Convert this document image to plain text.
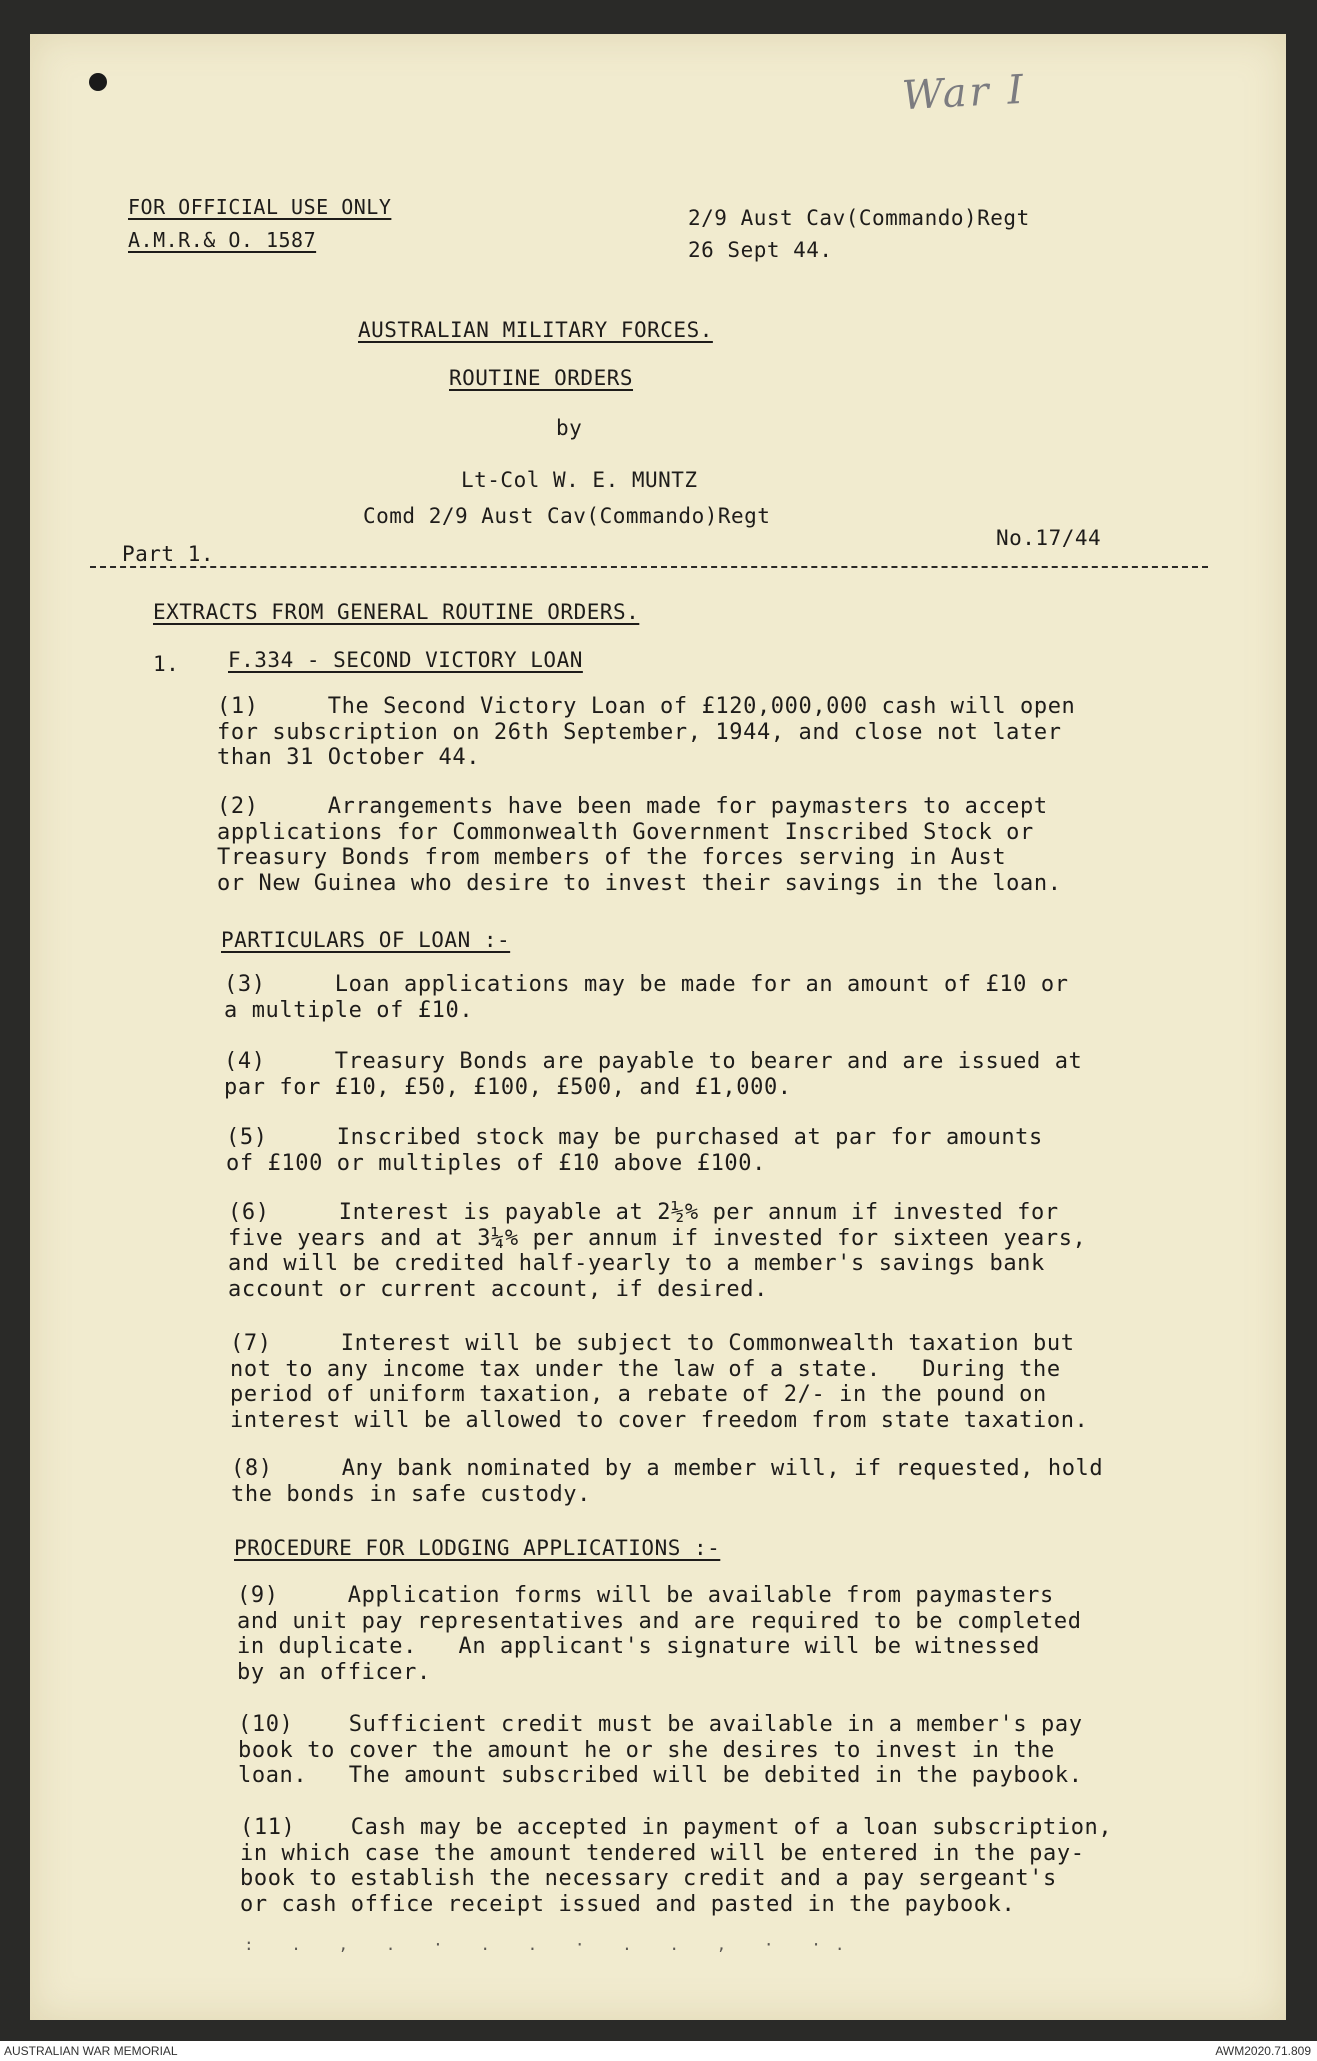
War I
FOR OFFICIAL USE ONLY
A.M.R.& O. 1587
2/9 Aust Cav(Commando)Regt
26 Sept 44.
AUSTRALIAN MILITARY FORCES.
ROUTINE ORDERS
by
Lt-Col W. E. MUNTZ
Comd 2/9 Aust Cav(Commando)Regt
Part 1.
No.17/44
EXTRACTS FROM GENERAL ROUTINE ORDERS.
1. F.334 - SECOND VICTORY LOAN
(1)     The Second Victory Loan of £120,000,000 cash will open
for subscription on 26th September, 1944, and close not later
than 31 October 44.
(2)     Arrangements have been made for paymasters to accept
applications for Commonwealth Government Inscribed Stock or
Treasury Bonds from members of the forces serving in Aust
or New Guinea who desire to invest their savings in the loan.
PARTICULARS OF LOAN :-
(3)     Loan applications may be made for an amount of £10 or
a multiple of £10.
(4)     Treasury Bonds are payable to bearer and are issued at
par for £10, £50, £100, £500, and £1,000.
(5)     Inscribed stock may be purchased at par for amounts
of £100 or multiples of £10 above £100.
(6)     Interest is payable at 2½% per annum if invested for
five years and at 3¼% per annum if invested for sixteen years,
and will be credited half-yearly to a member's savings bank
account or current account, if desired.
(7)     Interest will be subject to Commonwealth taxation but
not to any income tax under the law of a state.   During the
period of uniform taxation, a rebate of 2/- in the pound on
interest will be allowed to cover freedom from state taxation.
(8)     Any bank nominated by a member will, if requested, hold
the bonds in safe custody.
PROCEDURE FOR LODGING APPLICATIONS :-
(9)     Application forms will be available from paymasters
and unit pay representatives and are required to be completed
in duplicate.   An applicant's signature will be witnessed
by an officer.
(10)    Sufficient credit must be available in a member's pay
book to cover the amount he or she desires to invest in the
loan.   The amount subscribed will be debited in the paybook.
(11)    Cash may be accepted in payment of a loan subscription,
in which case the amount tendered will be entered in the pay-
book to establish the necessary credit and a pay sergeant's
or cash office receipt issued and pasted in the paybook.
: . , . · . . · . . , · ·.
AUSTRALIAN WAR MEMORIAL	AWM2020.71.809
